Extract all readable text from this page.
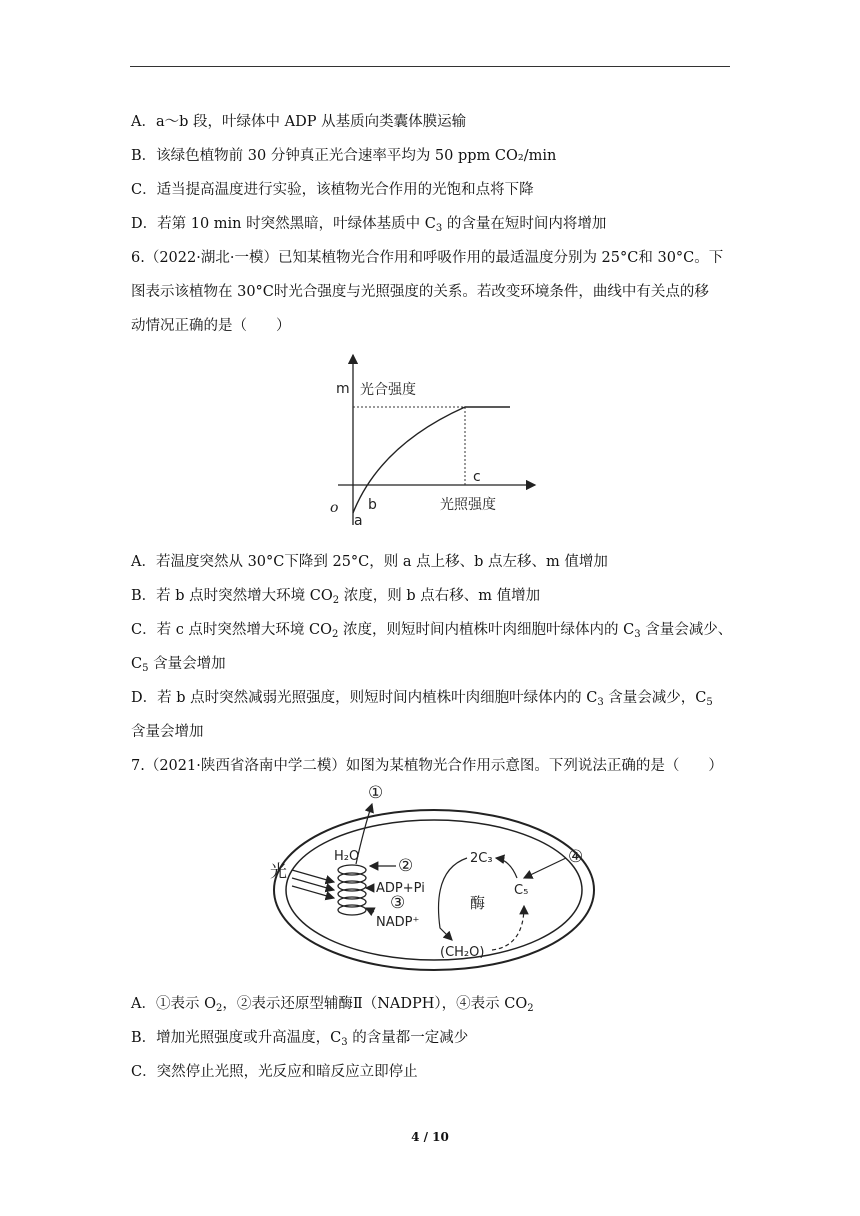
A．a～b 段，叶绿体中 ADP 从基质向类囊体膜运输
B．该绿色植物前 30 分钟真正光合速率平均为 50 ppm CO₂/min
C．适当提高温度进行实验，该植物光合作用的光饱和点将下降
D．若第 10 min 时突然黑暗，叶绿体基质中 $C_3$ 的含量在短时间内将增加
6.（2022·湖北·一模）已知某植物光合作用和呼吸作用的最适温度分别为 25°C和 30°C。下
图表示该植物在 30°C时光合强度与光照强度的关系。若改变环境条件，曲线中有关点的移
动情况正确的是（　　）
m 光合强度
o
a
b
c
光照强度
A．若温度突然从 30°C下降到 25°C，则 a 点上移、b 点左移、m 值增加
B．若 b 点时突然增大环境 $CO_2$ 浓度，则 b 点右移、m 值增加
C．若 c 点时突然增大环境 $CO_2$ 浓度，则短时间内植株叶肉细胞叶绿体内的 $C_3$ 含量会减少、
$C_5$ 含量会增加
D．若 b 点时突然减弱光照强度，则短时间内植株叶肉细胞叶绿体内的 $C_3$ 含量会减少，$C_5$
含量会增加
7.（2021·陕西省洛南中学二模）如图为某植物光合作用示意图。下列说法正确的是（　　）
光
H₂O
①
②
ADP+Pi
③
NADP⁺
2C₃
C₅
酶
(CH₂O)
④
A．①表示 $O_2$，②表示还原型辅酶Ⅱ（NADPH），④表示 $CO_2$
B．增加光照强度或升高温度，$C_3$ 的含量都一定减少
C．突然停止光照，光反应和暗反应立即停止
4 / 10
